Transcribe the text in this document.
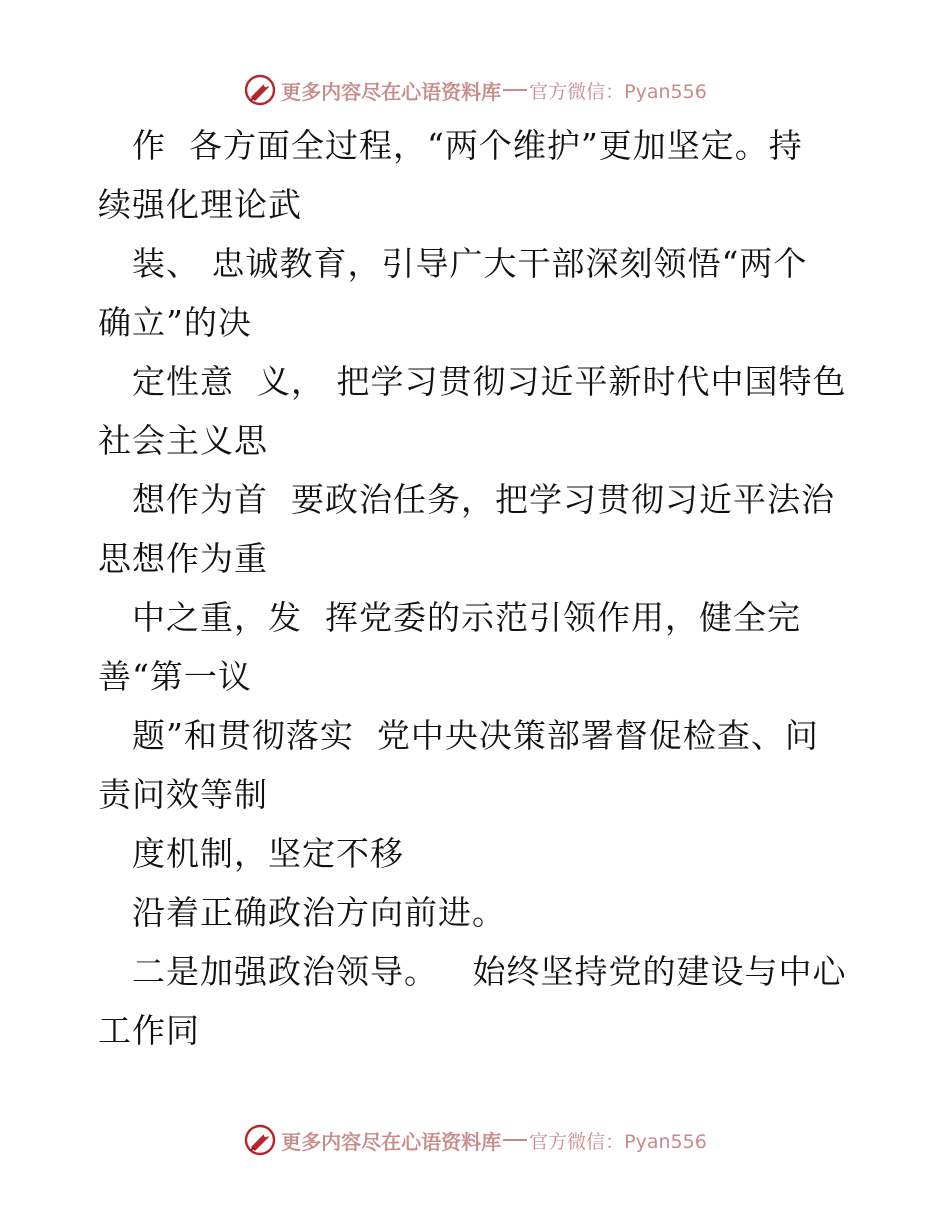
更多内容尽在心语资料库 官方微信：Pyan556
　作  各方面全过程，“两个维护”更加坚定。持
续强化理论武
　装、 忠诚教育，引导广大干部深刻领悟“两个
确立”的决
　定性意  义， 把学习贯彻习近平新时代中国特色
社会主义思
　想作为首  要政治任务，把学习贯彻习近平法治
思想作为重
　中之重，发  挥党委的示范引领作用，健全完
善“第一议
　题”和贯彻落实  党中央决策部署督促检查、问
责问效等制
　度机制，坚定不移
　沿着正确政治方向前进。
　二是加强政治领导。   始终坚持党的建设与中心
工作同
更多内容尽在心语资料库 官方微信：Pyan556
